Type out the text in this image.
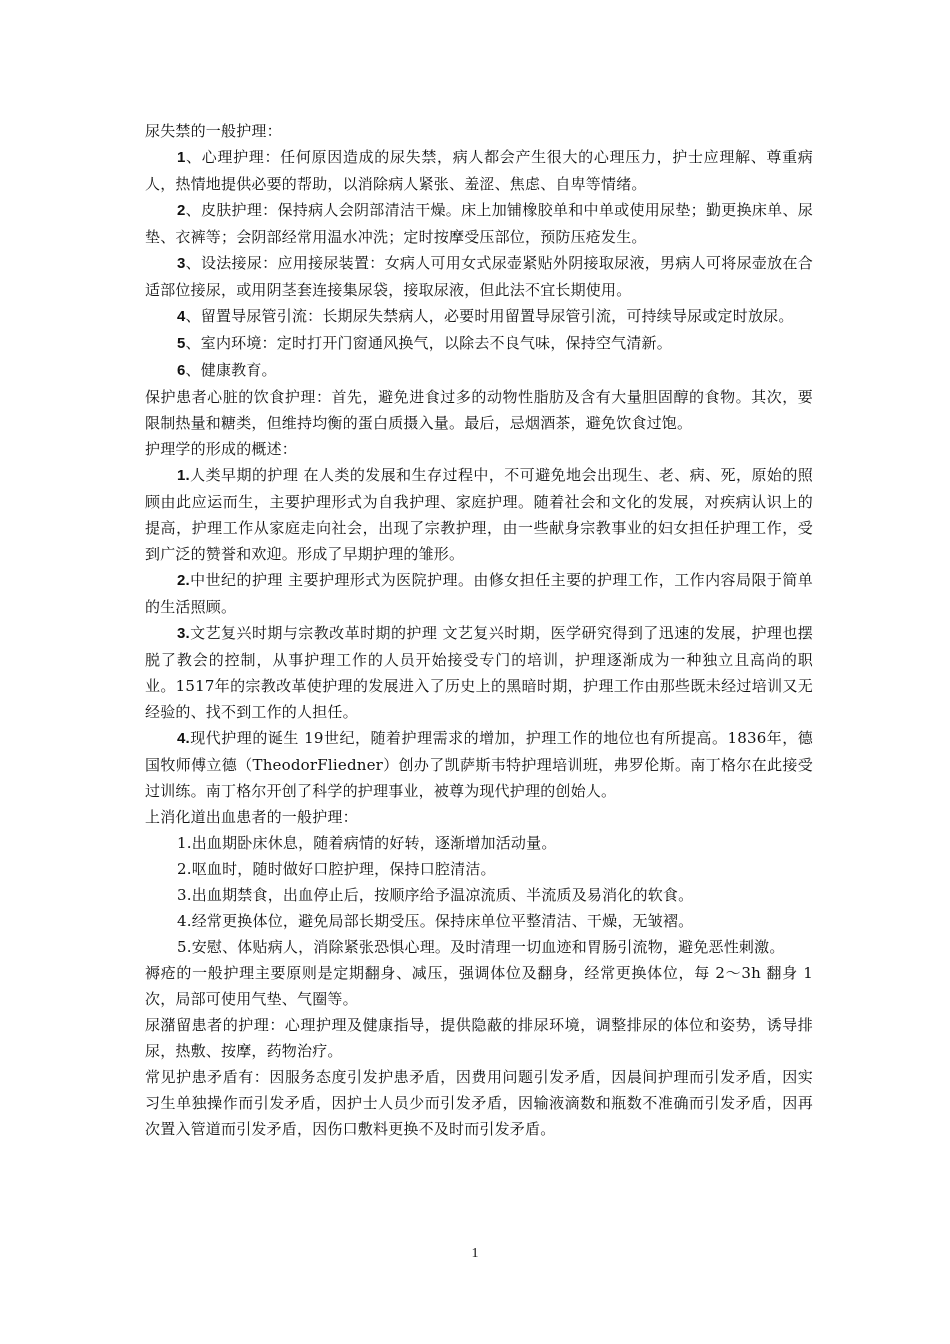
尿失禁的一般护理：

1、心理护理：任何原因造成的尿失禁，病人都会产生很大的心理压力，护士应理解、尊重病人，热情地提供必要的帮助，以消除病人紧张、羞涩、焦虑、自卑等情绪。

2、皮肤护理：保持病人会阴部清洁干燥。床上加铺橡胶单和中单或使用尿垫；勤更换床单、尿垫、衣裤等；会阴部经常用温水冲洗；定时按摩受压部位，预防压疮发生。

3、设法接尿：应用接尿装置：女病人可用女式尿壶紧贴外阴接取尿液，男病人可将尿壶放在合适部位接尿，或用阴茎套连接集尿袋，接取尿液，但此法不宜长期使用。

4、留置导尿管引流：长期尿失禁病人，必要时用留置导尿管引流，可持续导尿或定时放尿。

5、室内环境：定时打开门窗通风换气，以除去不良气味，保持空气清新。

6、健康教育。

保护患者心脏的饮食护理：首先，避免进食过多的动物性脂肪及含有大量胆固醇的食物。其次，要限制热量和糖类，但维持均衡的蛋白质摄入量。最后，忌烟酒茶，避免饮食过饱。

护理学的形成的概述：

1.人类早期的护理 在人类的发展和生存过程中，不可避免地会出现生、老、病、死，原始的照顾由此应运而生，主要护理形式为自我护理、家庭护理。随着社会和文化的发展，对疾病认识上的提高，护理工作从家庭走向社会，出现了宗教护理，由一些献身宗教事业的妇女担任护理工作，受到广泛的赞誉和欢迎。形成了早期护理的雏形。

2.中世纪的护理 主要护理形式为医院护理。由修女担任主要的护理工作，工作内容局限于简单的生活照顾。

3.文艺复兴时期与宗教改革时期的护理 文艺复兴时期，医学研究得到了迅速的发展，护理也摆脱了教会的控制，从事护理工作的人员开始接受专门的培训，护理逐渐成为一种独立且高尚的职业。1517年的宗教改革使护理的发展进入了历史上的黑暗时期，护理工作由那些既未经过培训又无经验的、找不到工作的人担任。

4.现代护理的诞生 19世纪，随着护理需求的增加，护理工作的地位也有所提高。1836年，德国牧师傅立德（TheodorFliedner）创办了凯萨斯韦特护理培训班，弗罗伦斯。南丁格尔在此接受过训练。南丁格尔开创了科学的护理事业，被尊为现代护理的创始人。

上消化道出血患者的一般护理：

1.出血期卧床休息，随着病情的好转，逐渐增加活动量。

2.呕血时，随时做好口腔护理，保持口腔清洁。

3.出血期禁食，出血停止后，按顺序给予温凉流质、半流质及易消化的软食。

4.经常更换体位，避免局部长期受压。保持床单位平整清洁、干燥，无皱褶。

5.安慰、体贴病人，消除紧张恐惧心理。及时清理一切血迹和胃肠引流物，避免恶性刺激。

褥疮的一般护理主要原则是定期翻身、减压，强调体位及翻身，经常更换体位，每 2～3h 翻身 1 次，局部可使用气垫、气圈等。

尿潴留患者的护理：心理护理及健康指导，提供隐蔽的排尿环境，调整排尿的体位和姿势，诱导排尿，热敷、按摩，药物治疗。

常见护患矛盾有：因服务态度引发护患矛盾，因费用问题引发矛盾，因晨间护理而引发矛盾，因实习生单独操作而引发矛盾，因护士人员少而引发矛盾，因输液滴数和瓶数不准确而引发矛盾，因再次置入管道而引发矛盾，因伤口敷料更换不及时而引发矛盾。

1
